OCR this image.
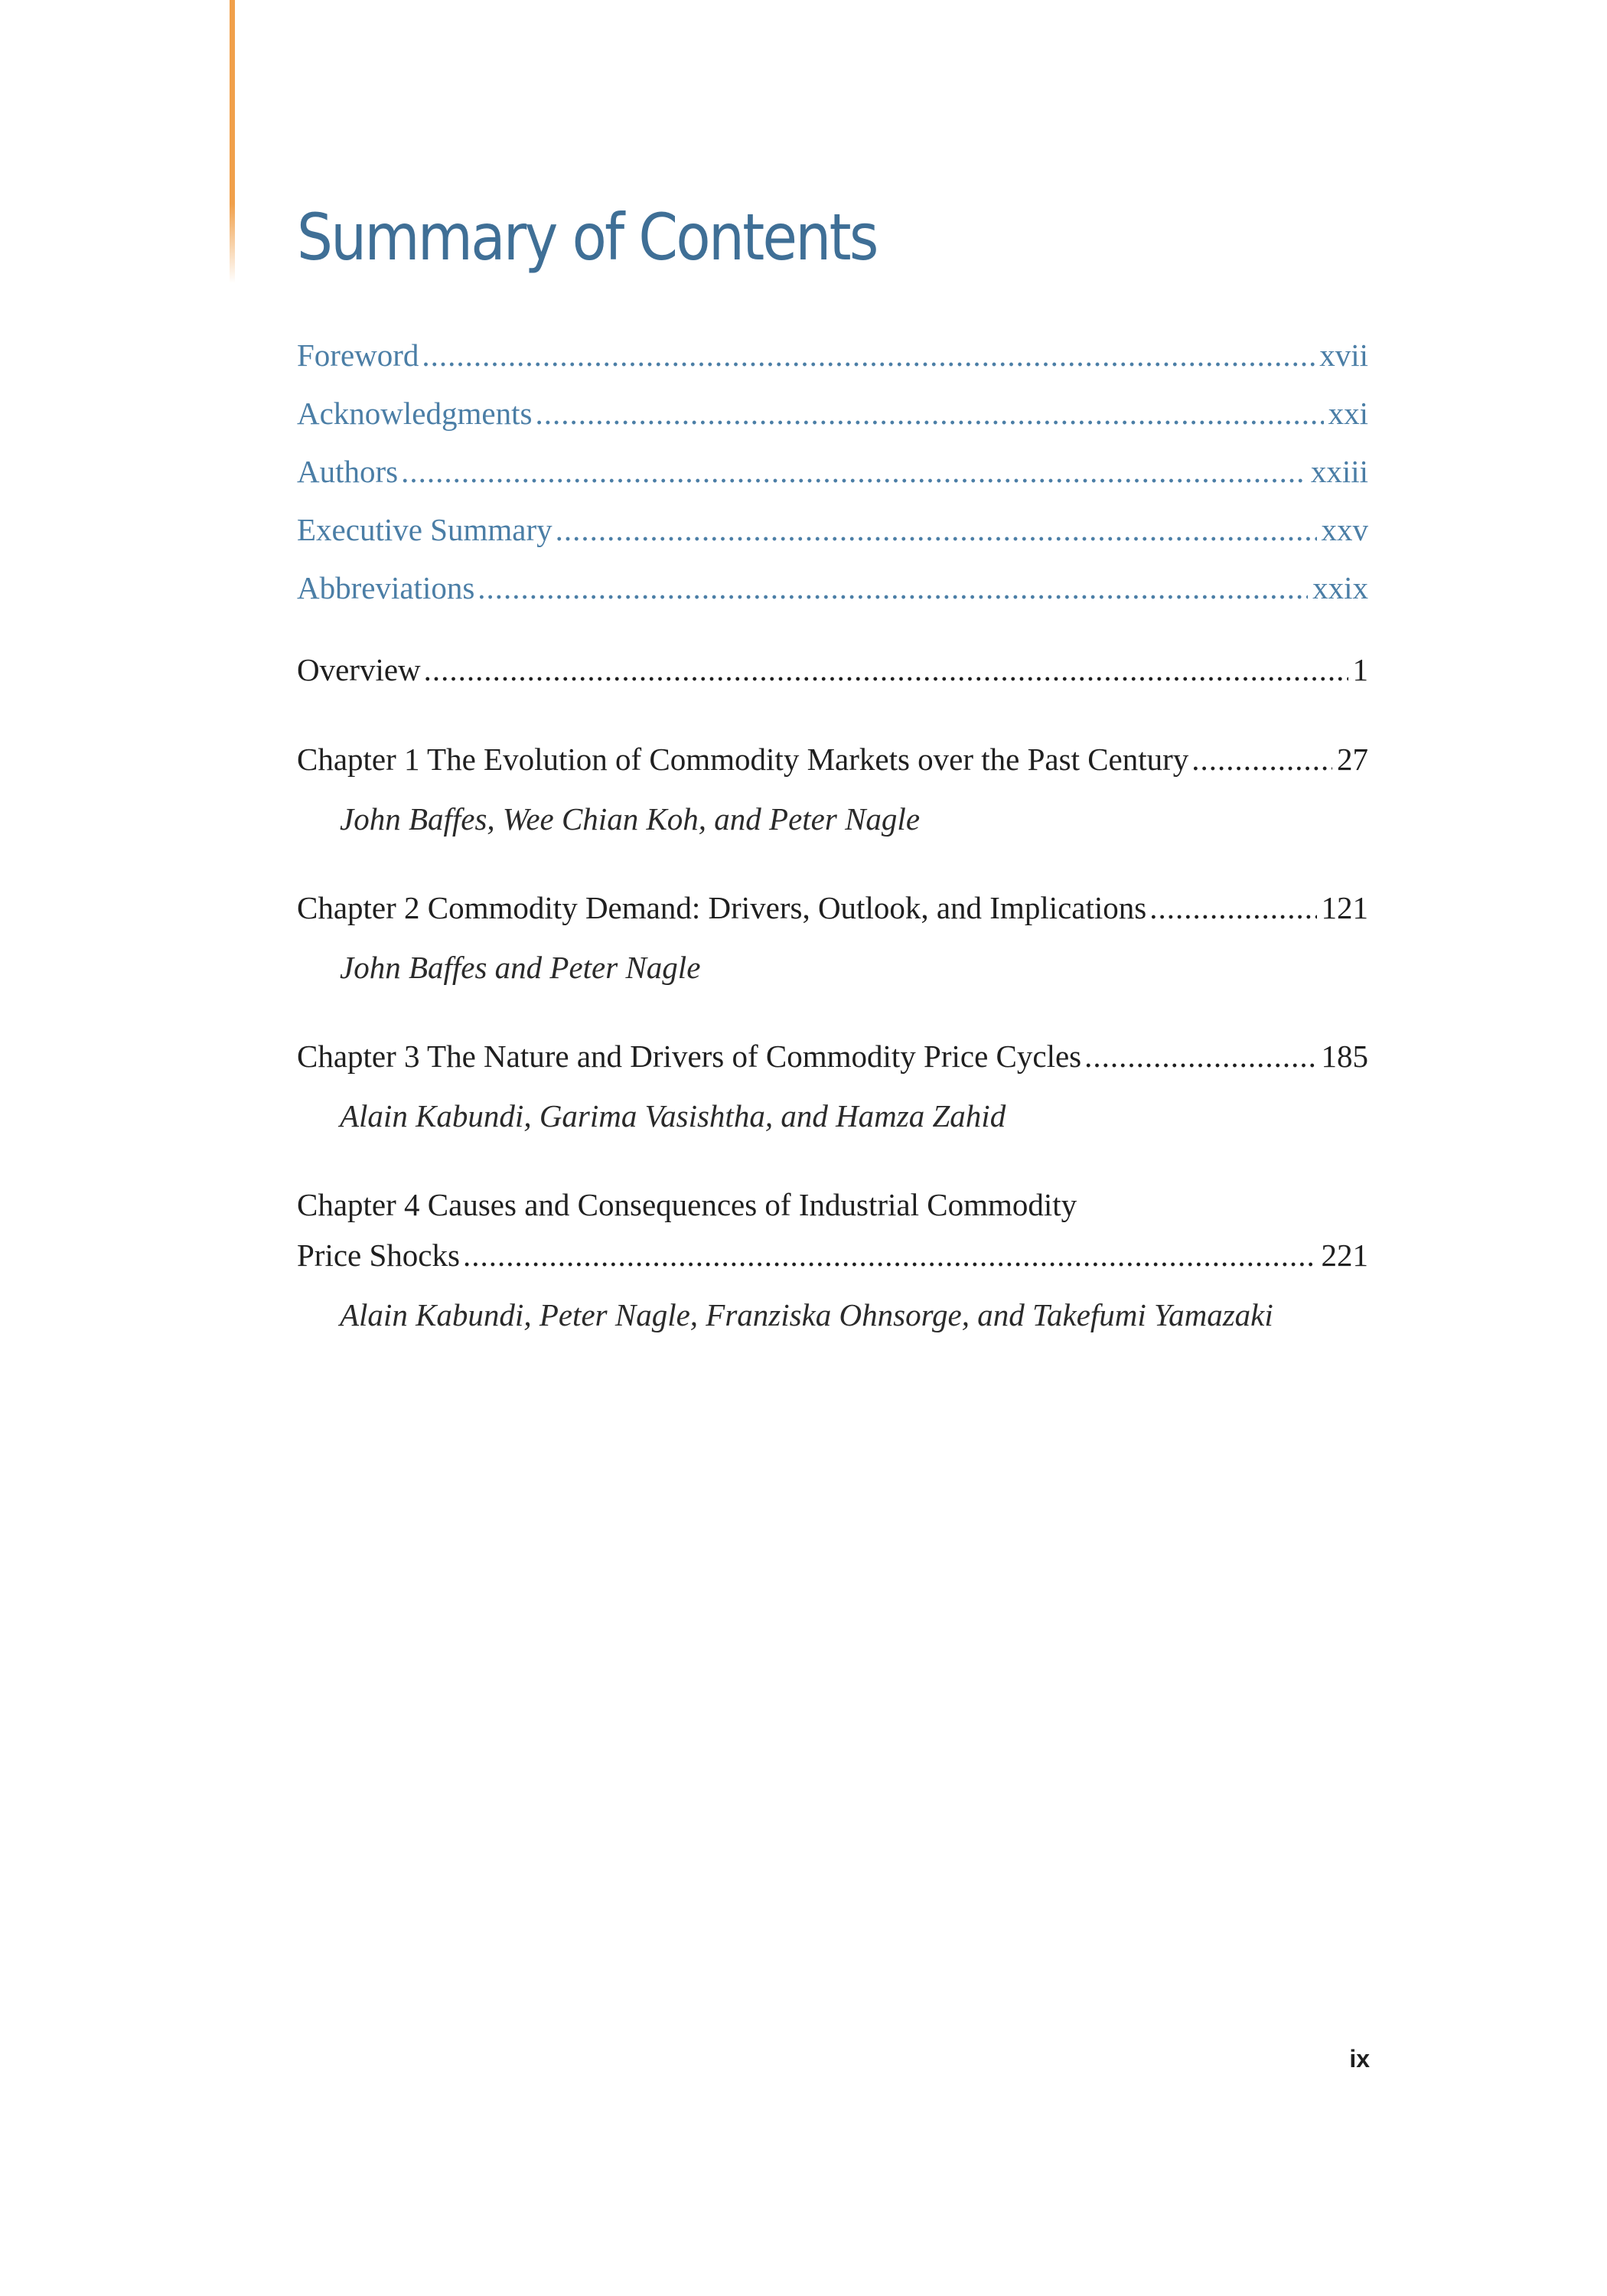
Summary of Contents
Foreword .....	xvii
Acknowledgments .....	xxi
Authors .....	xxiii
Executive Summary .....	xxv
Abbreviations .....	xxix
Overview .....	1
Chapter 1 The Evolution of Commodity Markets over the Past Century .....	27
John Baffes, Wee Chian Koh, and Peter Nagle
Chapter 2 Commodity Demand: Drivers, Outlook, and Implications .....	121
John Baffes and Peter Nagle
Chapter 3 The Nature and Drivers of Commodity Price Cycles .....	185
Alain Kabundi, Garima Vasishtha, and Hamza Zahid
Chapter 4 Causes and Consequences of Industrial Commodity
Price Shocks .....	221
Alain Kabundi, Peter Nagle, Franziska Ohnsorge, and Takefumi Yamazaki
ix
